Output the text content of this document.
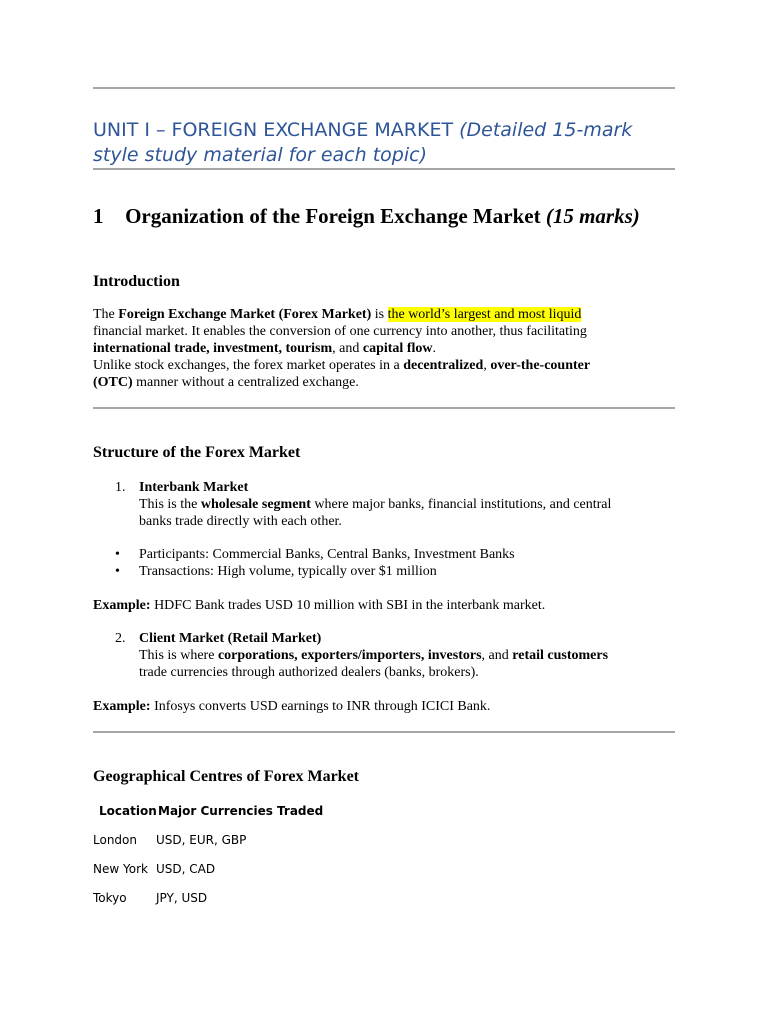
UNIT I – FOREIGN EXCHANGE MARKET (Detailed 15-mark style study material for each topic)
1⃣ Organization of the Foreign Exchange Market (15 marks)
Introduction
The Foreign Exchange Market (Forex Market) is the world’s largest and most liquid
financial market. It enables the conversion of one currency into another, thus facilitating
international trade, investment, tourism, and capital flow.
Unlike stock exchanges, the forex market operates in a decentralized, over-the-counter
(OTC) manner without a centralized exchange.
Structure of the Forex Market
1. Interbank Market
This is the wholesale segment where major banks, financial institutions, and central
banks trade directly with each other.
• Participants: Commercial Banks, Central Banks, Investment Banks
• Transactions: High volume, typically over $1 million
Example: HDFC Bank trades USD 10 million with SBI in the interbank market.
2. Client Market (Retail Market)
This is where corporations, exporters/importers, investors, and retail customers
trade currencies through authorized dealers (banks, brokers).
Example: Infosys converts USD earnings to INR through ICICI Bank.
Geographical Centres of Forex Market
Location Major Currencies Traded
London USD, EUR, GBP
New York USD, CAD
Tokyo JPY, USD
